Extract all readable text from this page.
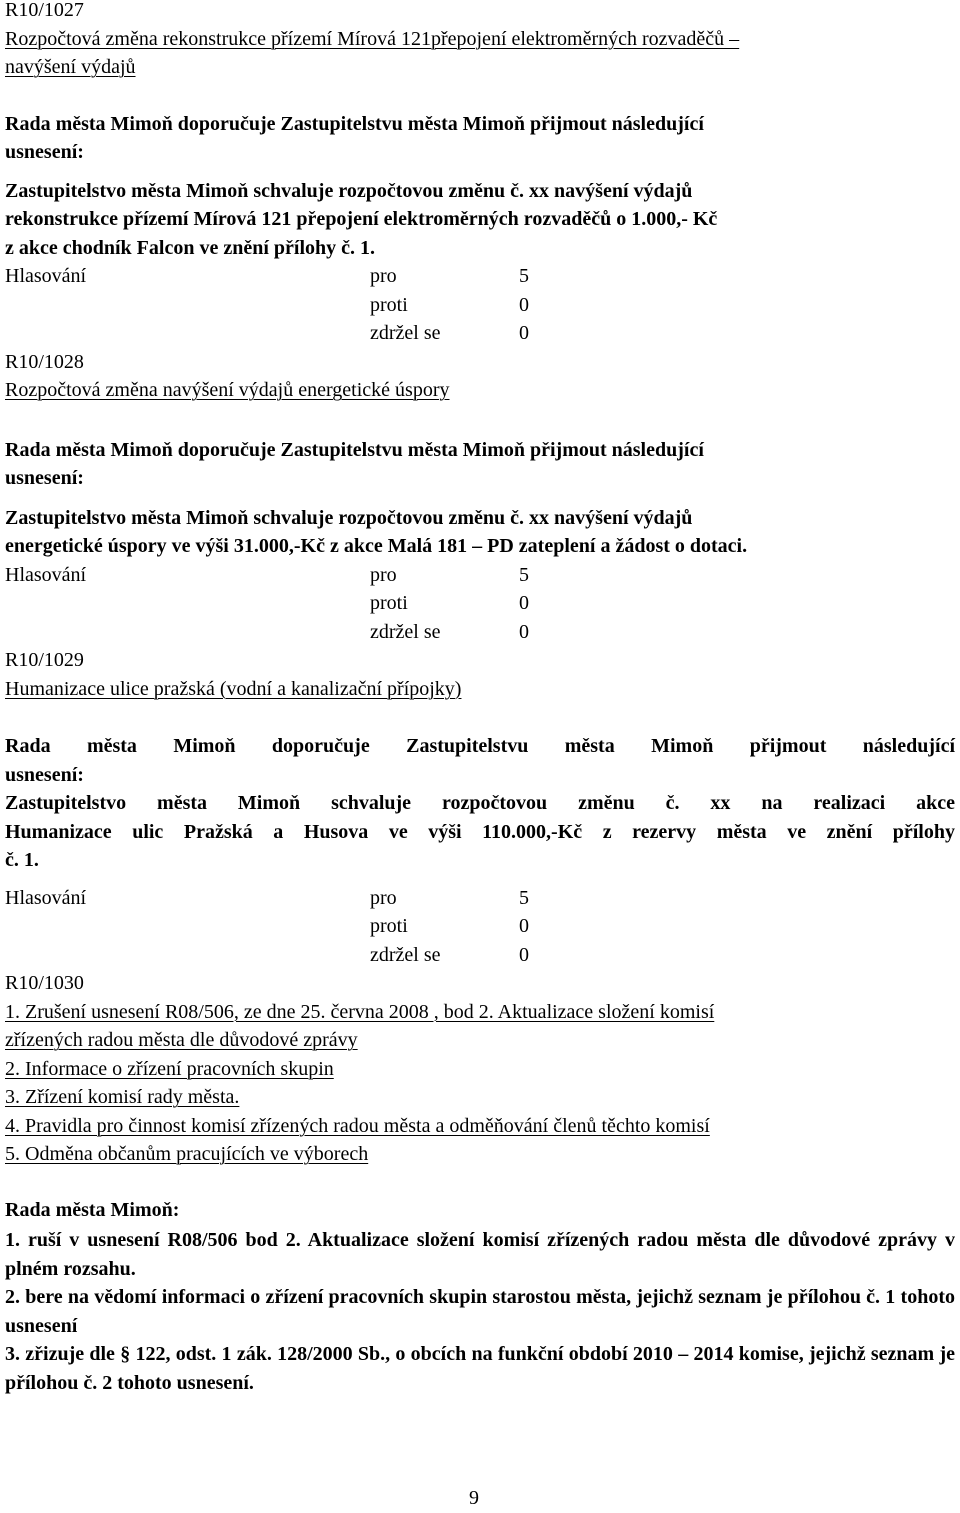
R10/1027
Rozpočtová změna rekonstrukce přízemí Mírová 121přepojení elektroměrných rozvaděčů –
navýšení výdajů
Rada města Mimoň doporučuje Zastupitelstvu města Mimoň přijmout následující
usnesení:
Zastupitelstvo města Mimoň schvaluje rozpočtovou změnu č. xx navýšení výdajů
rekonstrukce přízemí Mírová 121 přepojení elektroměrných rozvaděčů o 1.000,- Kč
z akce chodník Falcon ve znění přílohy č. 1.
Hlasování	pro	5
proti	0
zdržel se	0
R10/1028
Rozpočtová změna navýšení výdajů energetické úspory
Rada města Mimoň doporučuje Zastupitelstvu města Mimoň přijmout následující
usnesení:
Zastupitelstvo města Mimoň schvaluje rozpočtovou změnu č. xx navýšení výdajů
energetické úspory ve výši 31.000,-Kč z akce Malá 181 – PD zateplení a žádost o dotaci.
Hlasování	pro	5
proti	0
zdržel se	0
R10/1029
Humanizace ulice pražská (vodní a kanalizační přípojky)
Rada města Mimoň doporučuje Zastupitelstvu města Mimoň přijmout následující
usnesení:
Zastupitelstvo města Mimoň schvaluje rozpočtovou změnu č. xx na realizaci akce
Humanizace ulic Pražská a Husova ve výši 110.000,-Kč z rezervy města ve znění přílohy
č. 1.
Hlasování	pro	5
proti	0
zdržel se	0
R10/1030
1. Zrušení usnesení R08/506, ze dne 25. června 2008 , bod 2. Aktualizace složení komisí
zřízených radou města dle důvodové zprávy
2. Informace o zřízení pracovních skupin
3. Zřízení komisí rady města.
4. Pravidla pro činnost komisí zřízených radou města a odměňování členů těchto komisí
5. Odměna občanům pracujících ve výborech
Rada města Mimoň:
1. ruší v usnesení R08/506 bod 2. Aktualizace složení komisí zřízených radou města dle důvodové zprávy v plném rozsahu.
2. bere na vědomí informaci o zřízení pracovních skupin starostou města, jejichž seznam je přílohou č. 1 tohoto usnesení
3. zřizuje dle § 122, odst. 1 zák. 128/2000 Sb., o obcích na funkční období 2010 – 2014 komise, jejichž seznam je přílohou č. 2 tohoto usnesení.
9
